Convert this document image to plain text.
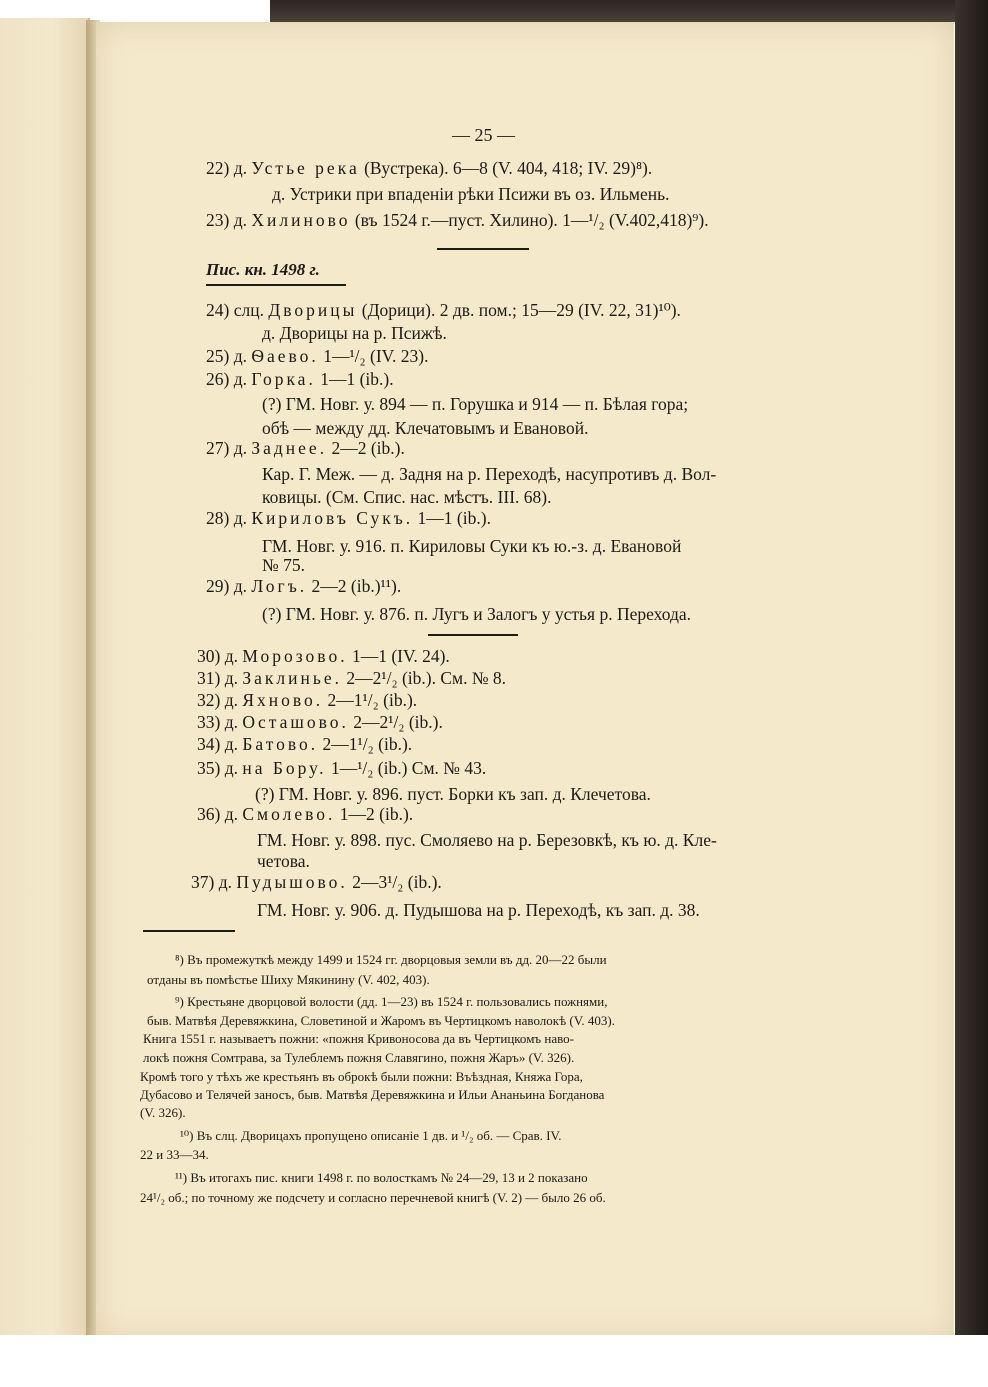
— 25 —
22) д. Устье река (Вустрека). 6—8 (V. 404, 418; IV. 29)⁸).
д. Устрики при впаденіи рѣки Псижи въ оз. Ильмень.
23) д. Хилиново (въ 1524 г.—пуст. Хилино). 1—¹/₂ (V.402,418)⁹).
Пис. кн. 1498 г.
24) слц. Дворицы (Дорици). 2 дв. пом.; 15—29 (IV. 22, 31)¹⁰).
д. Дворицы на р. Псижѣ.
25) д. Ѳаево. 1—¹/₂ (IV. 23).
26) д. Горка. 1—1 (ib.).
(?) ГМ. Новг. у. 894 — п. Горушка и 914 — п. Бѣлая гора;
обѣ — между дд. Клечатовымъ и Евановой.
27) д. Заднее. 2—2 (ib.).
Кар. Г. Меж. — д. Задня на р. Переходѣ, насупротивъ д. Вол-
ковицы. (См. Спис. нас. мѣстъ. III. 68).
28) д. Кириловъ Сукъ. 1—1 (ib.).
ГМ. Новг. у. 916. п. Кириловы Суки къ ю.-з. д. Евановой
№ 75.
29) д. Логъ. 2—2 (ib.)¹¹).
(?) ГМ. Новг. у. 876. п. Лугъ и Залогъ у устья р. Перехода.
30) д. Морозово. 1—1 (IV. 24).
31) д. Заклинье. 2—2¹/₂ (ib.). См. № 8.
32) д. Яхново. 2—1¹/₂ (ib.).
33) д. Осташово. 2—2¹/₂ (ib.).
34) д. Батово. 2—1¹/₂ (ib.).
35) д. на Бору. 1—¹/₂ (ib.) См. № 43.
(?) ГМ. Новг. у. 896. пуст. Борки къ зап. д. Клечетова.
36) д. Смолево. 1—2 (ib.).
ГМ. Новг. у. 898. пус. Смоляево на р. Березовкѣ, къ ю. д. Кле-
четова.
37) д. Пудышово. 2—3¹/₂ (ib.).
ГМ. Новг. у. 906. д. Пудышова на р. Переходѣ, къ зап. д. 38.
⁸) Въ промежуткѣ между 1499 и 1524 гг. дворцовыя земли въ дд. 20—22 были
отданы въ помѣстье Шиху Мякинину (V. 402, 403).
⁹) Крестьяне дворцовой волости (дд. 1—23) въ 1524 г. пользовались пожнями,
быв. Матвѣя Деревяжкина, Словетиной и Жаромъ въ Чертицкомъ наволокѣ (V. 403).
Книга 1551 г. называетъ пожни: «пожня Кривоносова да въ Чертицкомъ наво-
локѣ пожня Сомтрава, за Тулеблемъ пожня Славягино, пожня Жаръ» (V. 326).
Кромѣ того у тѣхъ же крестьянъ въ оброкѣ были пожни: Въѣздная, Княжа Гора,
Дубасово и Телячей заносъ, быв. Матвѣя Деревяжкина и Ильи Ананьина Богданова
(V. 326).
¹⁰) Въ слц. Дворицахъ пропущено описаніе 1 дв. и ¹/₂ об. — Срав. IV.
22 и 33—34.
¹¹) Въ итогахъ пис. книги 1498 г. по волосткамъ № 24—29, 13 и 2 показано
24¹/₂ об.; по точному же подсчету и согласно перечневой книгѣ (V. 2) — было 26 об.
